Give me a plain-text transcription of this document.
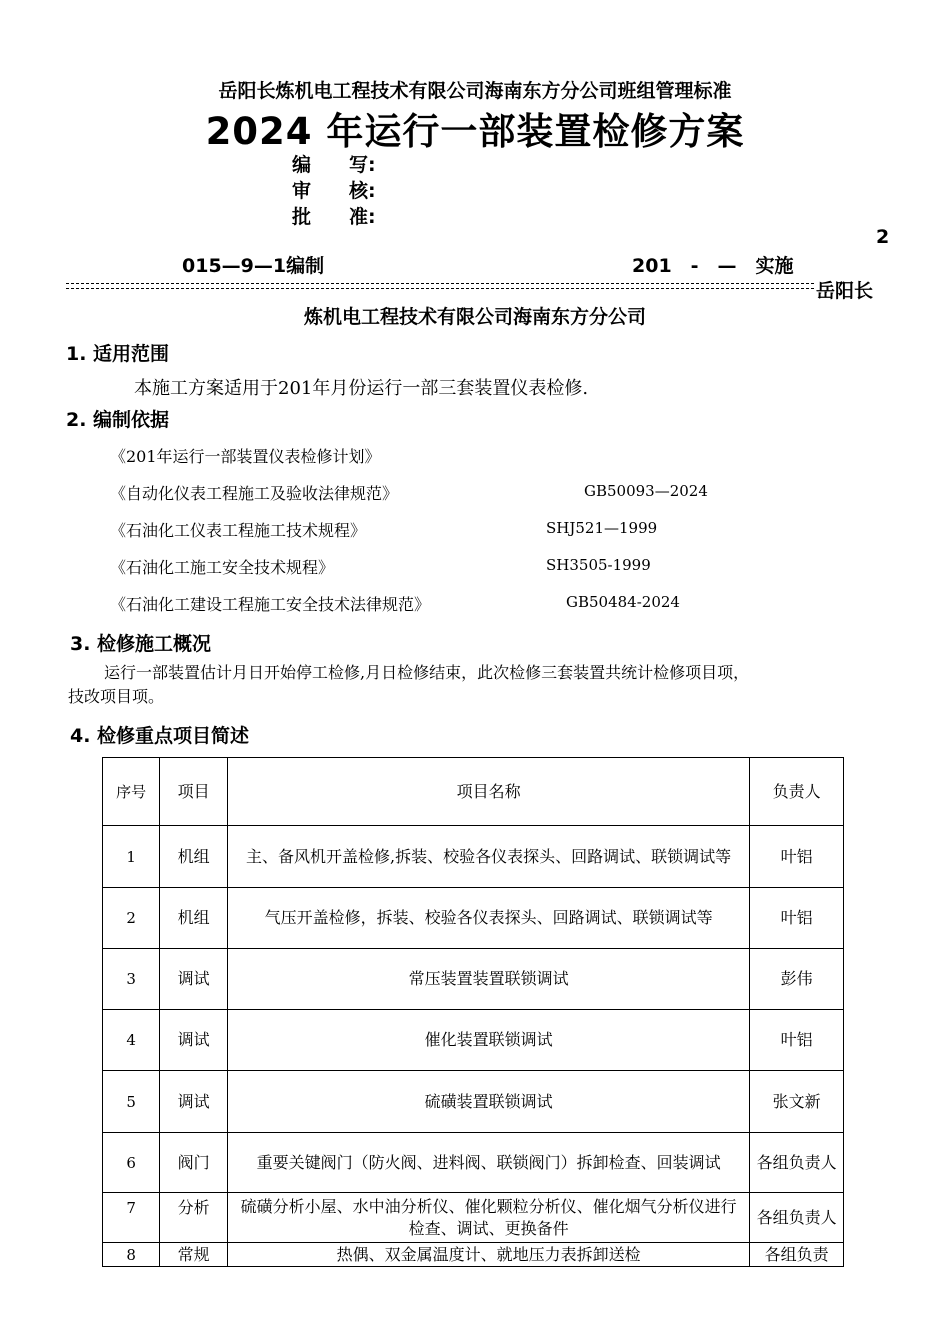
岳阳长炼机电工程技术有限公司海南东方分公司班组管理标准
2024 年运行一部装置检修方案
编　　写:
审　　核:
批　　准:
2
015—9—1编制	201　-　—　实施
岳阳长
炼机电工程技术有限公司海南东方分公司
1. 适用范围
本施工方案适用于201年月份运行一部三套装置仪表检修.
2. 编制依据
《201年运行一部装置仪表检修计划》
《自动化仪表工程施工及验收法律规范》	GB50093—2024
《石油化工仪表工程施工技术规程》	SHJ521—1999
《石油化工施工安全技术规程》	SH3505-1999
《石油化工建设工程施工安全技术法律规范》	GB50484-2024
3. 检修施工概况
运行一部装置估计月日开始停工检修,月日检修结束，此次检修三套装置共统计检修项目项，
技改项目项。
4. 检修重点项目简述
序号	项目	项目名称	负责人
1	机组	主、备风机开盖检修,拆装、校验各仪表探头、回路调试、联锁调试等	叶铝
2	机组	气压开盖检修，拆装、校验各仪表探头、回路调试、联锁调试等	叶铝
3	调试	常压装置装置联锁调试	彭伟
4	调试	催化装置联锁调试	叶铝
5	调试	硫磺装置联锁调试	张文新
6	阀门	重要关键阀门（防火阀、进料阀、联锁阀门）拆卸检查、回装调试	各组负责人
7	分析	硫磺分析小屋、水中油分析仪、催化颗粒分析仪、催化烟气分析仪进行检查、调试、更换备件	各组负责人
8	常规	热偶、双金属温度计、就地压力表拆卸送检	各组负责
